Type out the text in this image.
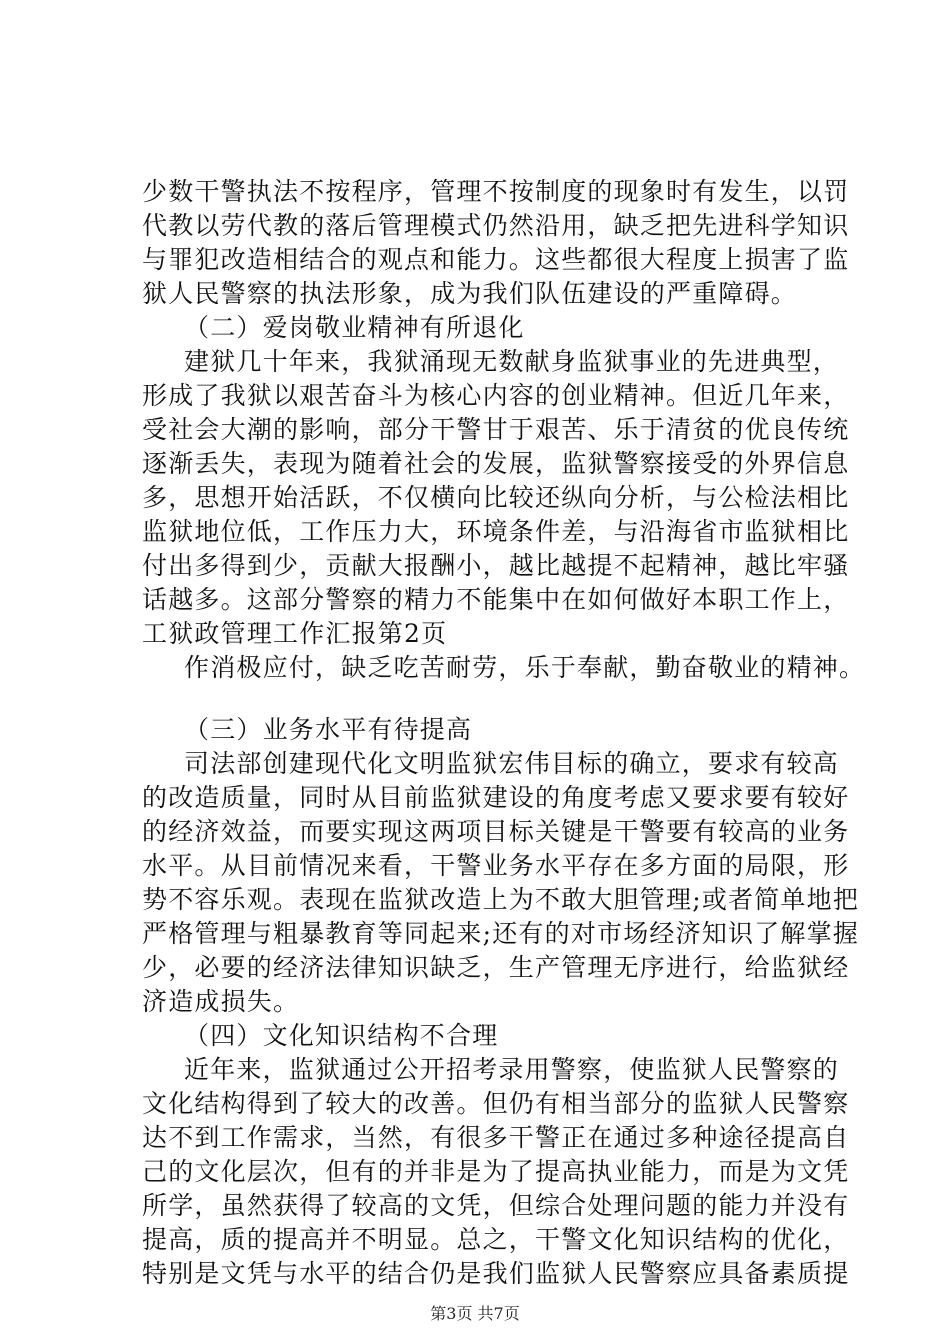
少数干警执法不按程序，管理不按制度的现象时有发生，以罚
代教以劳代教的落后管理模式仍然沿用，缺乏把先进科学知识
与罪犯改造相结合的观点和能力。这些都很大程度上损害了监
狱人民警察的执法形象，成为我们队伍建设的严重障碍。
（二）爱岗敬业精神有所退化
建狱几十年来，我狱涌现无数献身监狱事业的先进典型，
形成了我狱以艰苦奋斗为核心内容的创业精神。但近几年来，
受社会大潮的影响，部分干警甘于艰苦、乐于清贫的优良传统
逐渐丢失，表现为随着社会的发展，监狱警察接受的外界信息
多，思想开始活跃，不仅横向比较还纵向分析，与公检法相比
监狱地位低，工作压力大，环境条件差，与沿海省市监狱相比
付出多得到少，贡献大报酬小，越比越提不起精神，越比牢骚
话越多。这部分警察的精力不能集中在如何做好本职工作上，
工狱政管理工作汇报第2页
作消极应付，缺乏吃苦耐劳，乐于奉献，勤奋敬业的精神。
（三）业务水平有待提高
司法部创建现代化文明监狱宏伟目标的确立，要求有较高
的改造质量，同时从目前监狱建设的角度考虑又要求要有较好
的经济效益，而要实现这两项目标关键是干警要有较高的业务
水平。从目前情况来看，干警业务水平存在多方面的局限，形
势不容乐观。表现在监狱改造上为不敢大胆管理;或者简单地把
严格管理与粗暴教育等同起来;还有的对市场经济知识了解掌握
少，必要的经济法律知识缺乏，生产管理无序进行，给监狱经
济造成损失。
（四）文化知识结构不合理
近年来，监狱通过公开招考录用警察，使监狱人民警察的
文化结构得到了较大的改善。但仍有相当部分的监狱人民警察
达不到工作需求，当然，有很多干警正在通过多种途径提高自
己的文化层次，但有的并非是为了提高执业能力，而是为文凭
所学，虽然获得了较高的文凭，但综合处理问题的能力并没有
提高，质的提高并不明显。总之，干警文化知识结构的优化，
特别是文凭与水平的结合仍是我们监狱人民警察应具备素质提
第3页 共7页
